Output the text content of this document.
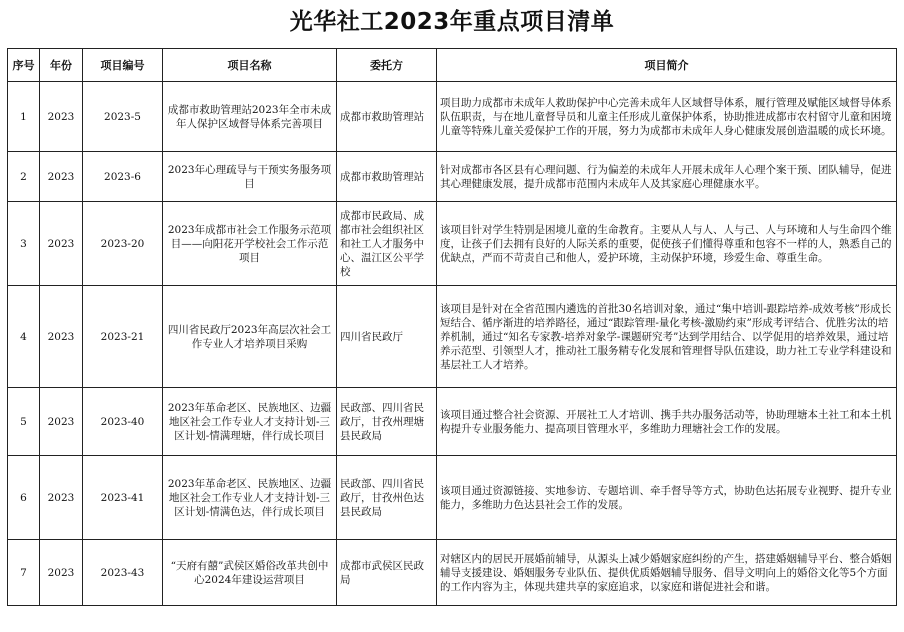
光华社工2023年重点项目清单
序号	年份	项目编号	项目名称	委托方	项目简介
1	2023	2023-5	成都市救助管理站2023年全市未成年人保护区域督导体系完善项目	成都市救助管理站	项目助力成都市未成年人救助保护中心完善未成年人区域督导体系，履行管理及赋能区域督导体系队伍职责，与在地儿童督导员和儿童主任形成儿童保护体系，协助推进成都市农村留守儿童和困境儿童等特殊儿童关爱保护工作的开展，努力为成都市未成年人身心健康发展创造温暖的成长环境。
2	2023	2023-6	2023年心理疏导与干预实务服务项目	成都市救助管理站	针对成都市各区县有心理问题、行为偏差的未成年人开展未成年人心理个案干预、团队辅导，促进其心理健康发展，提升成都市范围内未成年人及其家庭心理健康水平。
3	2023	2023-20	2023年成都市社会工作服务示范项目——向阳花开学校社会工作示范项目	成都市民政局、成都市社会组织社区和社工人才服务中心、温江区公平学校	该项目针对学生特别是困境儿童的生命教育。主要从人与人、人与己、人与环境和人与生命四个维度，让孩子们去拥有良好的人际关系的重要，促使孩子们懂得尊重和包容不一样的人，熟悉自己的优缺点，严而不苛责自己和他人，爱护环境，主动保护环境，珍爱生命、尊重生命。
4	2023	2023-21	四川省民政厅2023年高层次社会工作专业人才培养项目采购	四川省民政厅	该项目是针对在全省范围内遴选的首批30名培训对象，通过“集中培训-跟踪培养-成效考核”形成长短结合、循序渐进的培养路径，通过“跟踪管理-量化考核-激励约束”形成考评结合、优胜劣汰的培养机制，通过“知名专家教-培养对象学-课题研究考”达到学用结合、以学促用的培养效果，通过培养示范型、引领型人才，推动社工服务精专化发展和管理督导队伍建设，助力社工专业学科建设和基层社工人才培养。
5	2023	2023-40	2023年革命老区、民族地区、边疆地区社会工作专业人才支持计划-三区计划-情满理塘，伴行成长项目	民政部、四川省民政厅，甘孜州理塘县民政局	该项目通过整合社会资源、开展社工人才培训、携手共办服务活动等，协助理塘本土社工和本土机构提升专业服务能力、提高项目管理水平，多维助力理塘社会工作的发展。
6	2023	2023-41	2023年革命老区、民族地区、边疆地区社会工作专业人才支持计划-三区计划-情满色达，伴行成长项目	民政部、四川省民政厅，甘孜州色达县民政局	该项目通过资源链接、实地参访、专题培训、牵手督导等方式，协助色达拓展专业视野、提升专业能力，多维助力色达县社会工作的发展。
7	2023	2023-43	“天府有囍”武侯区婚俗改革共创中心2024年建设运营项目	成都市武侯区民政局	对辖区内的居民开展婚前辅导，从源头上减少婚姻家庭纠纷的产生，搭建婚姻辅导平台、整合婚姻辅导支援建设、婚姻服务专业队伍、提供优质婚姻辅导服务、倡导文明向上的婚俗文化等5个方面的工作内容为主，体现共建共享的家庭追求，以家庭和谐促进社会和谐。
